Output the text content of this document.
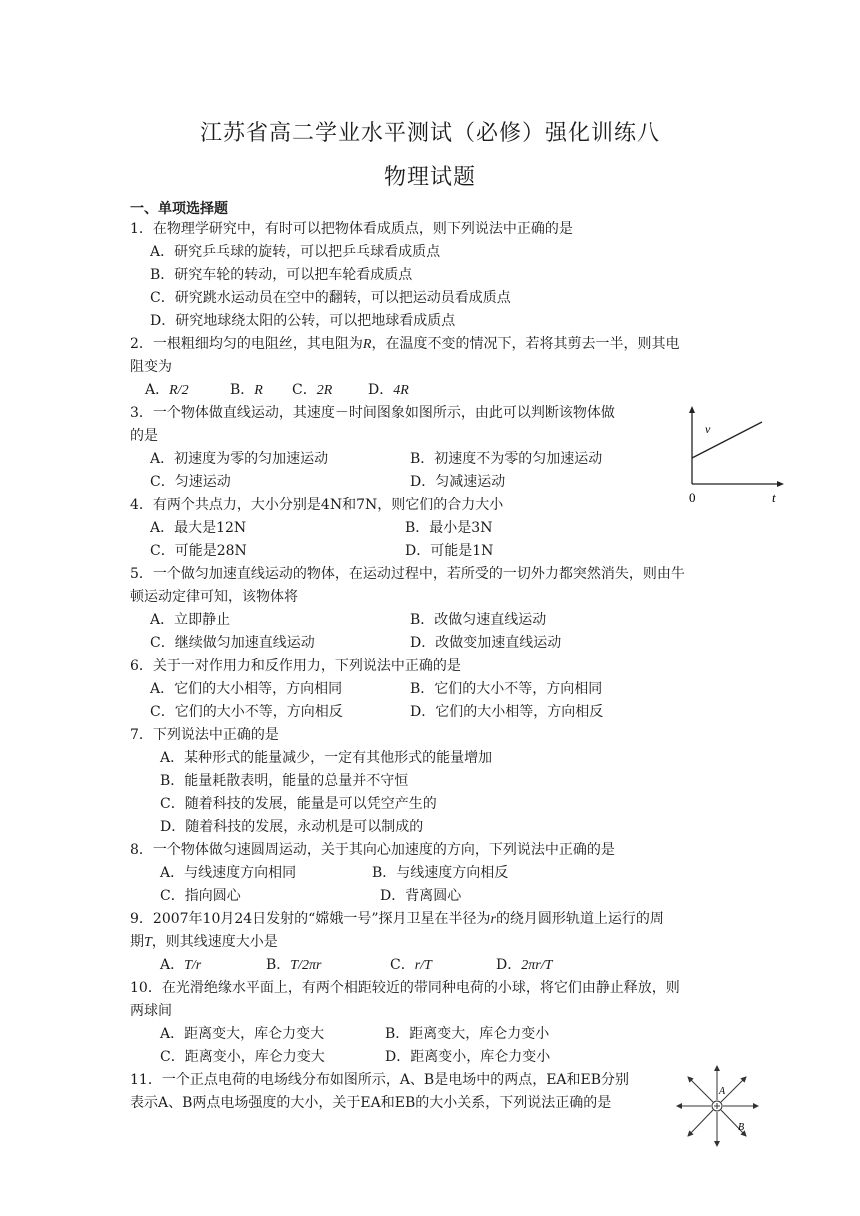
江苏省高二学业水平测试（必修）强化训练八
物理试题
一、单项选择题
1．在物理学研究中，有时可以把物体看成质点，则下列说法中正确的是
A．研究乒乓球的旋转，可以把乒乓球看成质点
B．研究车轮的转动，可以把车轮看成质点
C．研究跳水运动员在空中的翻转，可以把运动员看成质点
D．研究地球绕太阳的公转，可以把地球看成质点
2．一根粗细均匀的电阻丝，其电阻为R，在温度不变的情况下，若将其剪去一半，则其电
阻变为
A．R/2	B．R C．2R	D．4R
3．一个物体做直线运动，其速度－时间图象如图所示，由此可以判断该物体做
的是
A．初速度为零的匀加速运动	B．初速度不为零的匀加速运动
C．匀速运动	D．匀减速运动
v
0	t
4．有两个共点力，大小分别是4N和7N，则它们的合力大小
A．最大是12N	B．最小是3N
C．可能是28N	D．可能是1N
5．一个做匀加速直线运动的物体，在运动过程中，若所受的一切外力都突然消失，则由牛
顿运动定律可知，该物体将
A．立即静止	B．改做匀速直线运动
C．继续做匀加速直线运动	D．改做变加速直线运动
6．关于一对作用力和反作用力，下列说法中正确的是
A．它们的大小相等，方向相同	B．它们的大小不等，方向相同
C．它们的大小不等，方向相反	D．它们的大小相等，方向相反
7．下列说法中正确的是
A．某种形式的能量减少，一定有其他形式的能量增加
B．能量耗散表明，能量的总量并不守恒
C．随着科技的发展，能量是可以凭空产生的
D．随着科技的发展，永动机是可以制成的
8．一个物体做匀速圆周运动，关于其向心加速度的方向，下列说法中正确的是
A．与线速度方向相同	B．与线速度方向相反
C．指向圆心	D．背离圆心
9．2007年10月24日发射的“嫦娥一号”探月卫星在半径为r的绕月圆形轨道上运行的周
期T，则其线速度大小是
A．T/r	B．T/2πr	C．r/T	D．2πr/T
10．在光滑绝缘水平面上，有两个相距较近的带同种电荷的小球，将它们由静止释放，则
两球间
A．距离变大，库仑力变大	B．距离变大，库仑力变小
C．距离变小，库仑力变大	D．距离变小，库仑力变小
11．一个正点电荷的电场线分布如图所示，A、B是电场中的两点，EA和EB分别
表示A、B两点电场强度的大小，关于EA和EB的大小关系，下列说法正确的是
A
B
